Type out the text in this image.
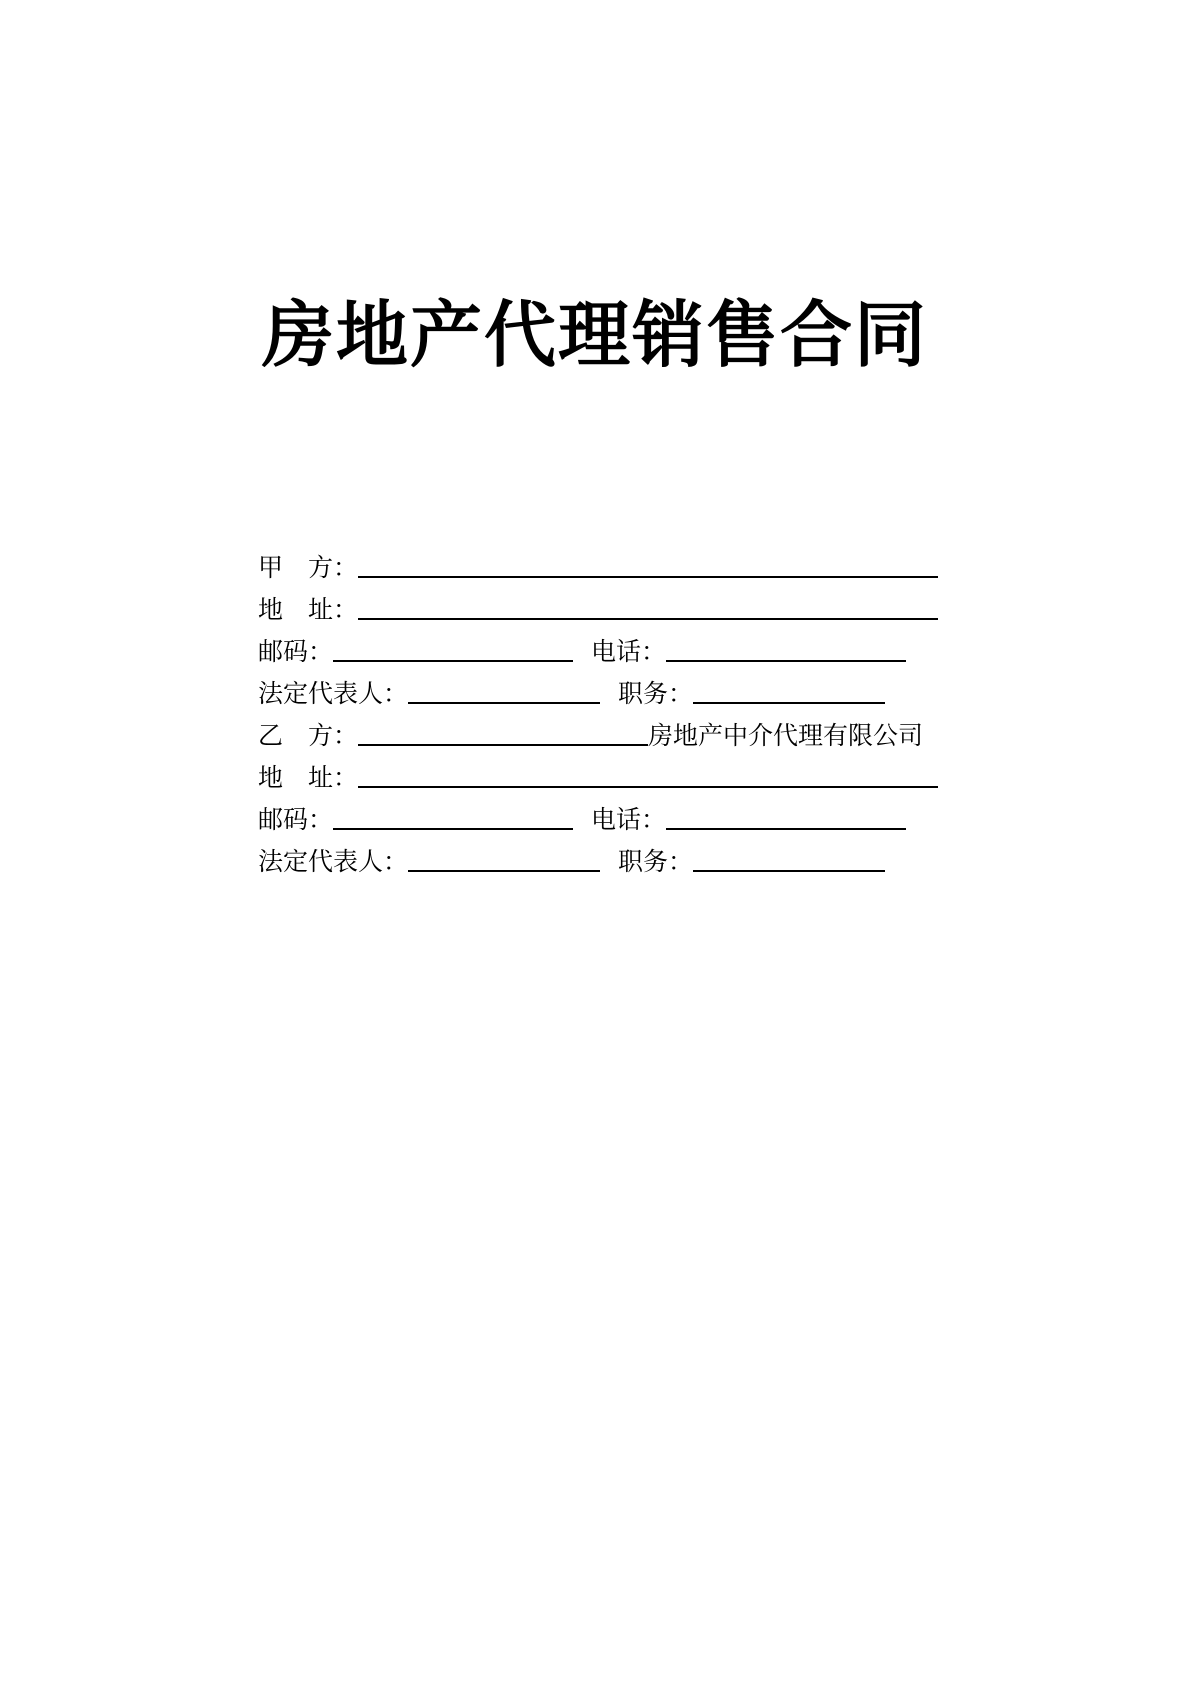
房地产代理销售合同
甲　方：
地　址：
邮码：	电话：
法定代表人：	职务：
乙　方：	房地产中介代理有限公司
地　址：
邮码：	电话：
法定代表人：	职务：
